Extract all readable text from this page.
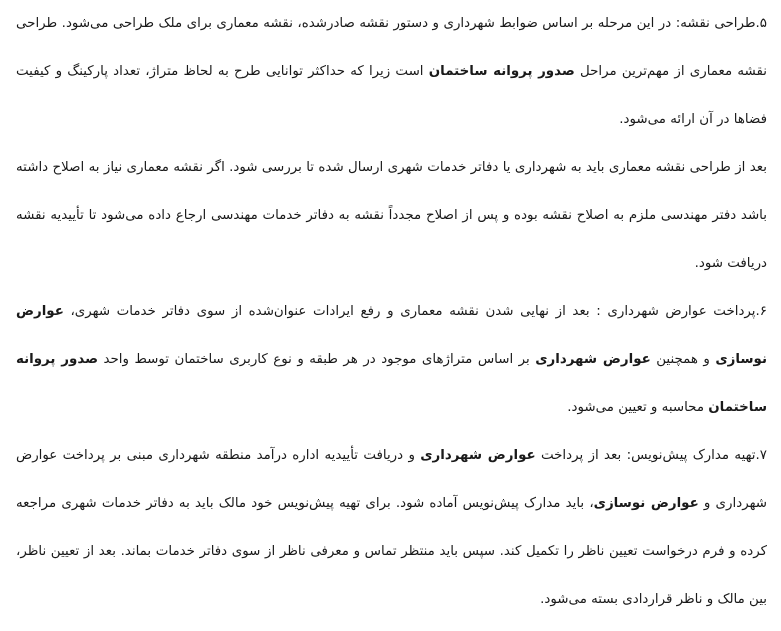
۵.طراحی نقشه: در این مرحله بر اساس ضوابط شهرداری و دستور نقشه صادرشده، نقشه معماری برای ملک طراحی می‌شود. طراحی نقشه معماری از مهم‌ترین مراحل صدور پروانه ساختمان است زیرا که حداکثر توانایی طرح به لحاظ متراژ، تعداد پارکینگ و کیفیت فضاها در آن ارائه می‌شود.

بعد از طراحی نقشه معماری باید به شهرداری یا دفاتر خدمات شهری ارسال شده تا بررسی شود. اگر نقشه معماری نیاز به اصلاح داشته باشد دفتر مهندسی ملزم به اصلاح نقشه بوده و پس از اصلاح مجدداً نقشه به دفاتر خدمات مهندسی ارجاع داده می‌شود تا تأییدیه نقشه دریافت شود.

۶.پرداخت عوارض شهرداری : بعد از نهایی شدن نقشه معماری و رفع ایرادات عنوان‌شده از سوی دفاتر خدمات شهری، عوارض نوسازی و همچنین عوارض شهرداری بر اساس متراژهای موجود در هر طبقه و نوع کاربری ساختمان توسط واحد صدور پروانه ساختمان محاسبه و تعیین می‌شود.

۷.تهیه مدارک پیش‌نویس: بعد از پرداخت عوارض شهرداری و دریافت تأییدیه اداره درآمد منطقه شهرداری مبنی بر پرداخت عوارض شهرداری و عوارض نوسازی، باید مدارک پیش‌نویس آماده شود. برای تهیه پیش‌نویس خود مالک باید به دفاتر خدمات شهری مراجعه کرده و فرم درخواست تعیین ناظر را تکمیل کند. سپس باید منتظر تماس و معرفی ناظر از سوی دفاتر خدمات بماند. بعد از تعیین ناظر، بین مالک و ناظر قراردادی بسته می‌شود.
